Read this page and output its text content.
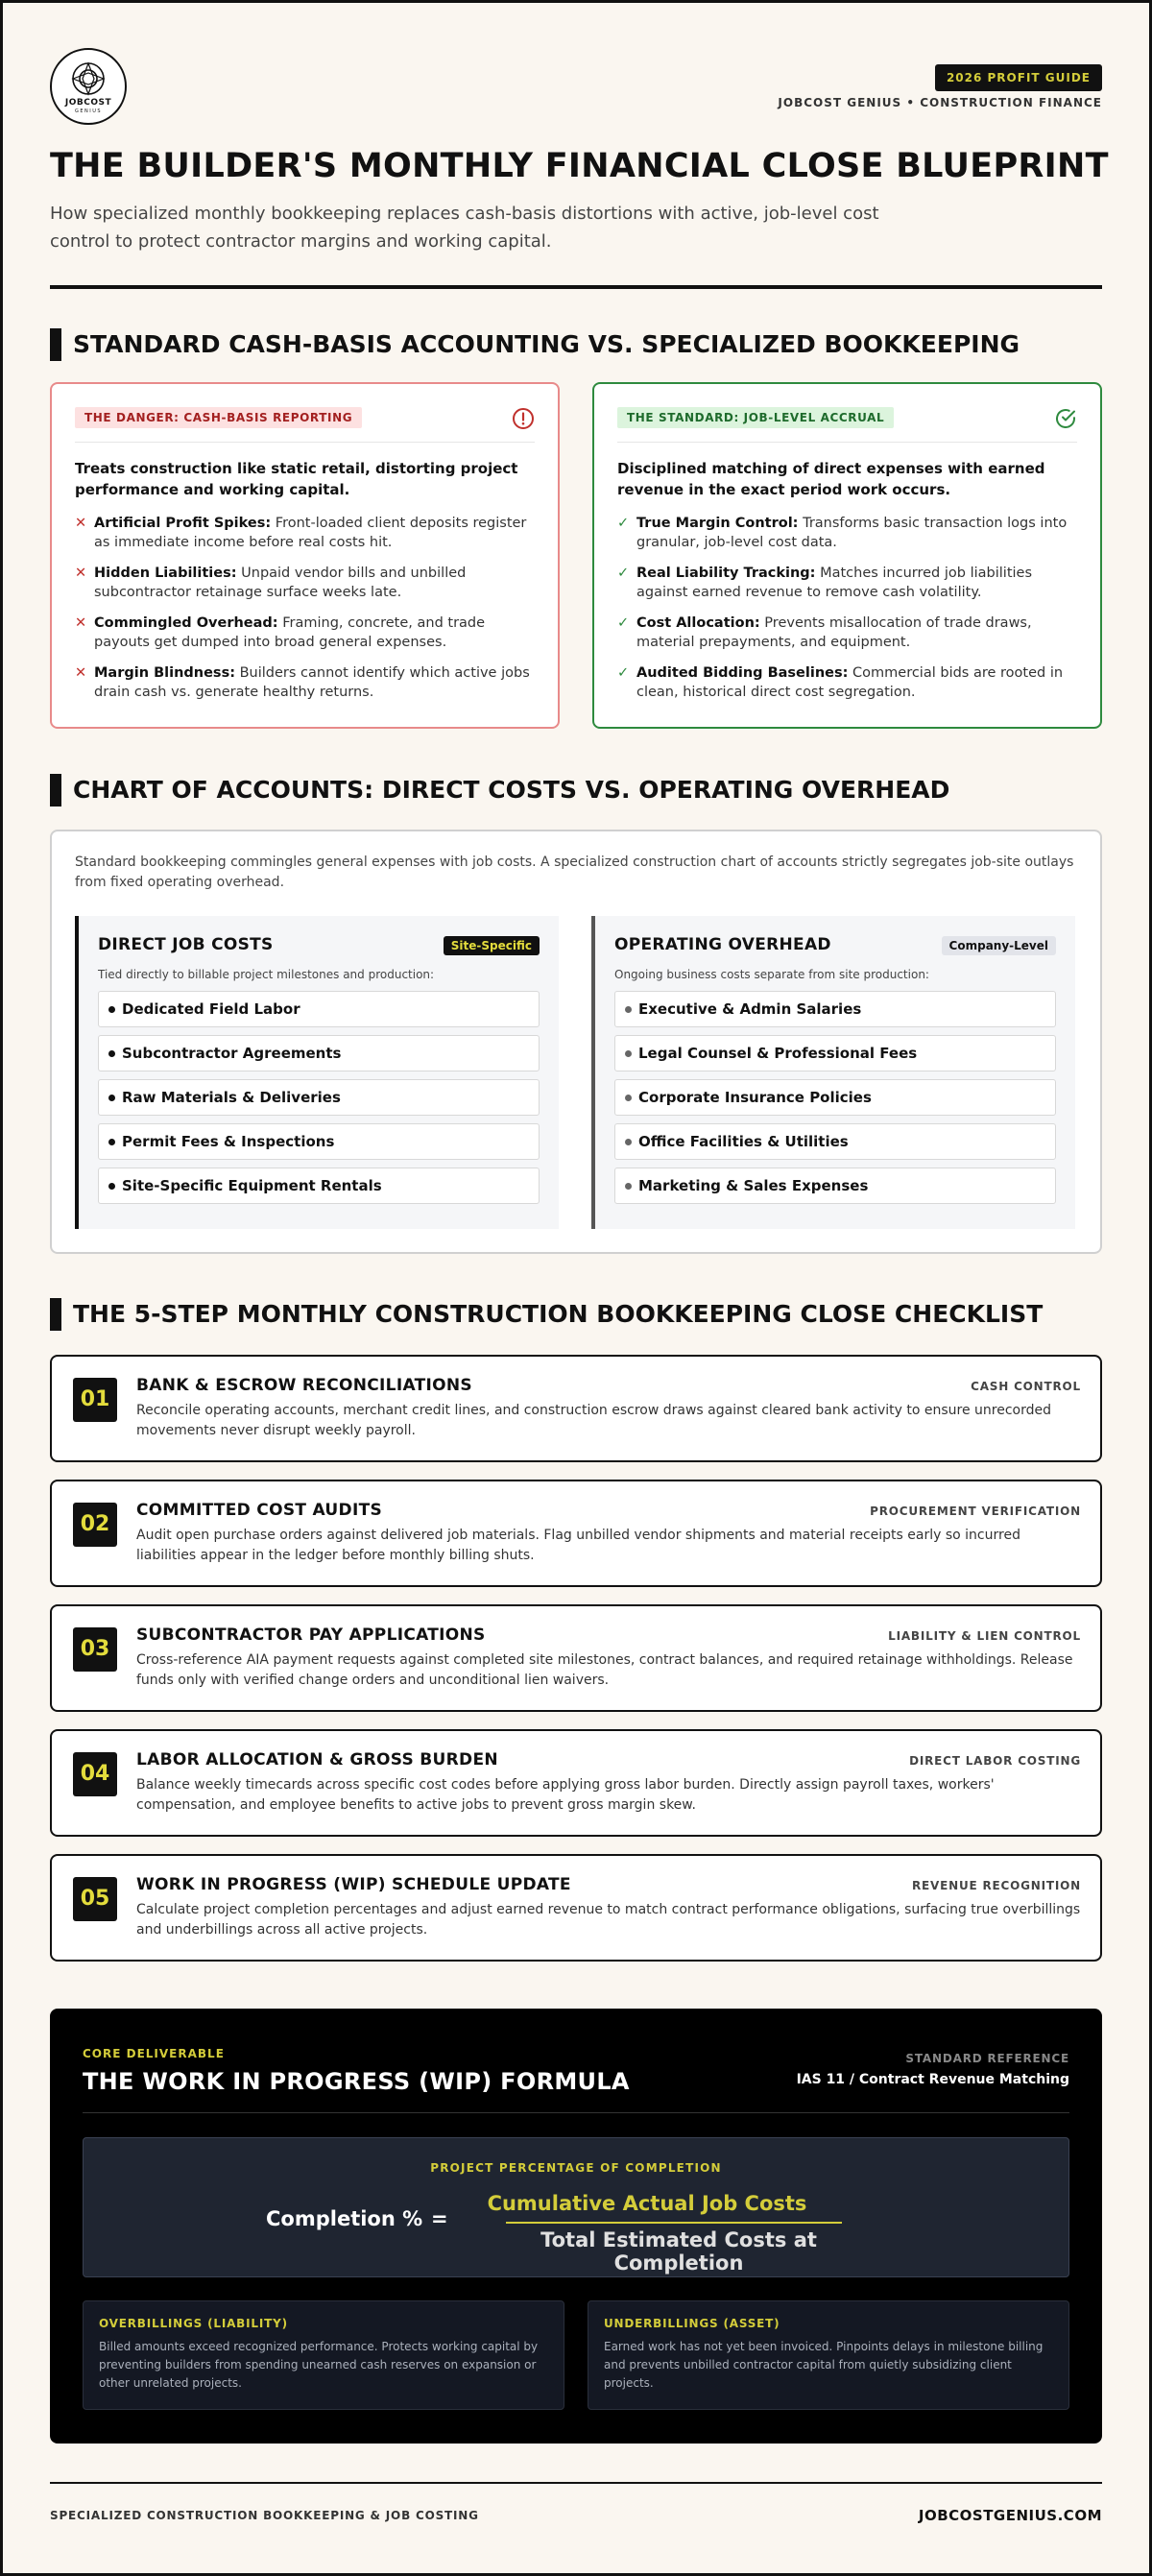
JOBCOST
GENIUS
2026 PROFIT GUIDE
JOBCOST GENIUS • CONSTRUCTION FINANCE
THE BUILDER'S MONTHLY FINANCIAL CLOSE BLUEPRINT

How specialized monthly bookkeeping replaces cash-basis distortions with active, job-level cost control to protect contractor margins and working capital.

STANDARD CASH-BASIS ACCOUNTING VS. SPECIALIZED BOOKKEEPING
THE DANGER: CASH-BASIS REPORTING
Treats construction like static retail, distorting project performance and working capital.
✕ Artificial Profit Spikes: Front-loaded client deposits register as immediate income before real costs hit.
✕ Hidden Liabilities: Unpaid vendor bills and unbilled subcontractor retainage surface weeks late.
✕ Commingled Overhead: Framing, concrete, and trade payouts get dumped into broad general expenses.
✕ Margin Blindness: Builders cannot identify which active jobs drain cash vs. generate healthy returns.
THE STANDARD: JOB-LEVEL ACCRUAL
Disciplined matching of direct expenses with earned revenue in the exact period work occurs.
✓ True Margin Control: Transforms basic transaction logs into granular, job-level cost data.
✓ Real Liability Tracking: Matches incurred job liabilities against earned revenue to remove cash volatility.
✓ Cost Allocation: Prevents misallocation of trade draws, material prepayments, and equipment.
✓ Audited Bidding Baselines: Commercial bids are rooted in clean, historical direct cost segregation.
CHART OF ACCOUNTS: DIRECT COSTS VS. OPERATING OVERHEAD

Standard bookkeeping commingles general expenses with job costs. A specialized construction chart of accounts strictly segregates job-site outlays from fixed operating overhead.

DIRECT JOB COSTS	Site-Specific
Tied directly to billable project milestones and production:
Dedicated Field Labor
Subcontractor Agreements
Raw Materials & Deliveries
Permit Fees & Inspections
Site-Specific Equipment Rentals
OPERATING OVERHEAD	Company-Level
Ongoing business costs separate from site production:
Executive & Admin Salaries
Legal Counsel & Professional Fees
Corporate Insurance Policies
Office Facilities & Utilities
Marketing & Sales Expenses
THE 5-STEP MONTHLY CONSTRUCTION BOOKKEEPING CLOSE CHECKLIST
01
BANK & ESCROW RECONCILIATIONS	CASH CONTROL
Reconcile operating accounts, merchant credit lines, and construction escrow draws against cleared bank activity to ensure unrecorded movements never disrupt weekly payroll.
02
COMMITTED COST AUDITS	PROCUREMENT VERIFICATION
Audit open purchase orders against delivered job materials. Flag unbilled vendor shipments and material receipts early so incurred liabilities appear in the ledger before monthly billing shuts.
03
SUBCONTRACTOR PAY APPLICATIONS	LIABILITY & LIEN CONTROL
Cross-reference AIA payment requests against completed site milestones, contract balances, and required retainage withholdings. Release funds only with verified change orders and unconditional lien waivers.
04
LABOR ALLOCATION & GROSS BURDEN	DIRECT LABOR COSTING
Balance weekly timecards across specific cost codes before applying gross labor burden. Directly assign payroll taxes, workers' compensation, and employee benefits to active jobs to prevent gross margin skew.
05
WORK IN PROGRESS (WIP) SCHEDULE UPDATE	REVENUE RECOGNITION
Calculate project completion percentages and adjust earned revenue to match contract performance obligations, surfacing true overbillings and underbillings across all active projects.
CORE DELIVERABLE
THE WORK IN PROGRESS (WIP) FORMULA
STANDARD REFERENCE
IAS 11 / Contract Revenue Matching
PROJECT PERCENTAGE OF COMPLETION
Completion % =
Cumulative Actual Job Costs
Total Estimated Costs at Completion
OVERBILLINGS (LIABILITY)
Billed amounts exceed recognized performance. Protects working capital by preventing builders from spending unearned cash reserves on expansion or other unrelated projects.
UNDERBILLINGS (ASSET)
Earned work has not yet been invoiced. Pinpoints delays in milestone billing and prevents unbilled contractor capital from quietly subsidizing client projects.
SPECIALIZED CONSTRUCTION BOOKKEEPING & JOB COSTING	JOBCOSTGENIUS.COM
